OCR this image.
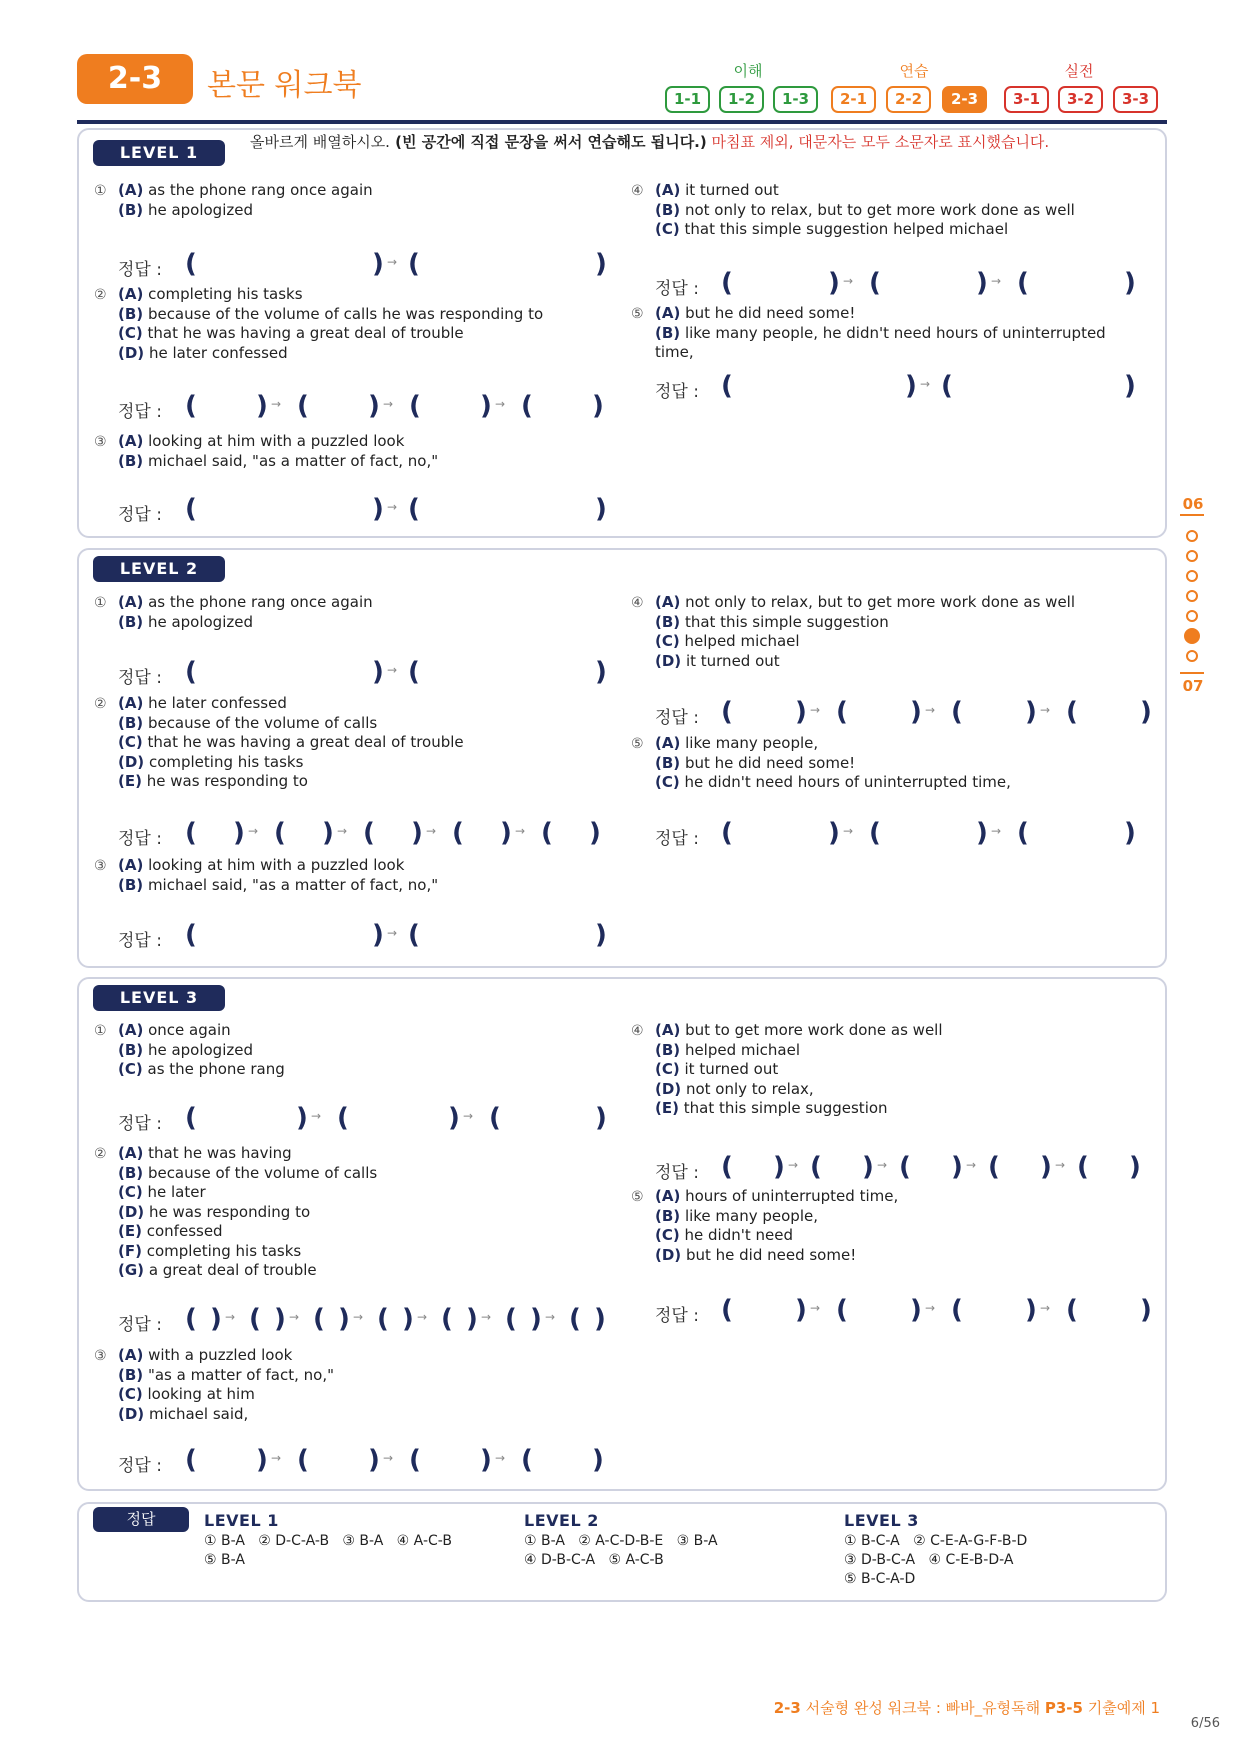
2-3	본문 워크북	이해	연습	실전
1-1	1-2	1-3	2-1	2-2	2-3	3-1	3-2	3-3
LEVEL 1
LEVEL 2
LEVEL 3
올바르게 배열하시오. (빈 공간에 직접 문장을 써서 연습해도 됩니다.) 마침표 제외, 대문자는 모두 소문자로 표시했습니다.
① (A) as the phone rang once again
(B) he apologized
정답 : (	) → (	)
② (A) completing his tasks
(B) because of the volume of calls he was responding to
(C) that he was having a great deal of trouble
(D) he later confessed
정답 : ( ) → ( ) → ( ) → ( )
③ (A) looking at him with a puzzled look
(B) michael said, "as a matter of fact, no,"
정답 : (	) → (	)
④ (A) it turned out
(B) not only to relax, but to get more work done as well
(C) that this simple suggestion helped michael
정답 : (	) → (	) → (	)
⑤ (A) but he did need some!
(B) like many people, he didn't need hours of uninterrupted
time,
정답 : (	) → (	)
① (A) as the phone rang once again
(B) he apologized
정답 : (	) → (	)
② (A) he later confessed
(B) because of the volume of calls
(C) that he was having a great deal of trouble
(D) completing his tasks
(E) he was responding to
정답 : ( ) → ( ) → ( ) → ( ) → ( )
③ (A) looking at him with a puzzled look
(B) michael said, "as a matter of fact, no,"
정답 : (	) → (	)
④ (A) not only to relax, but to get more work done as well
(B) that this simple suggestion
(C) helped michael
(D) it turned out
정답 : ( ) → ( ) → ( ) → ( )
⑤ (A) like many people,
(B) but he did need some!
(C) he didn't need hours of uninterrupted time,
정답 : (	) → (	) → (	)
① (A) once again
(B) he apologized
(C) as the phone rang
정답 : (	) → (	) → (	)
② (A) that he was having
(B) because of the volume of calls
(C) he later
(D) he was responding to
(E) confessed
(F) completing his tasks
(G) a great deal of trouble
정답 : ( ) → ( ) → ( ) → ( ) → ( ) → ( ) → ( )
③ (A) with a puzzled look
(B) "as a matter of fact, no,"
(C) looking at him
(D) michael said,
정답 : ( ) → ( ) → ( ) → ( )
④ (A) but to get more work done as well
(B) helped michael
(C) it turned out
(D) not only to relax,
(E) that this simple suggestion
정답 : ( ) → ( ) → ( ) → ( ) → ( )
⑤ (A) hours of uninterrupted time,
(B) like many people,
(C) he didn't need
(D) but he did need some!
정답 : ( ) → ( ) → ( ) → ( )
정답	LEVEL 1
① B-A   ② D-C-A-B   ③ B-A   ④ A-C-B
⑤ B-A
LEVEL 2
① B-A   ② A-C-D-B-E   ③ B-A
④ D-B-C-A   ⑤ A-C-B
LEVEL 3
① B-C-A   ② C-E-A-G-F-B-D
③ D-B-C-A   ④ C-E-B-D-A
⑤ B-C-A-D
06
07
2-3 서술형 완성 워크북 : 빠바_유형독해 P3-5 기출예제 1
6/56
